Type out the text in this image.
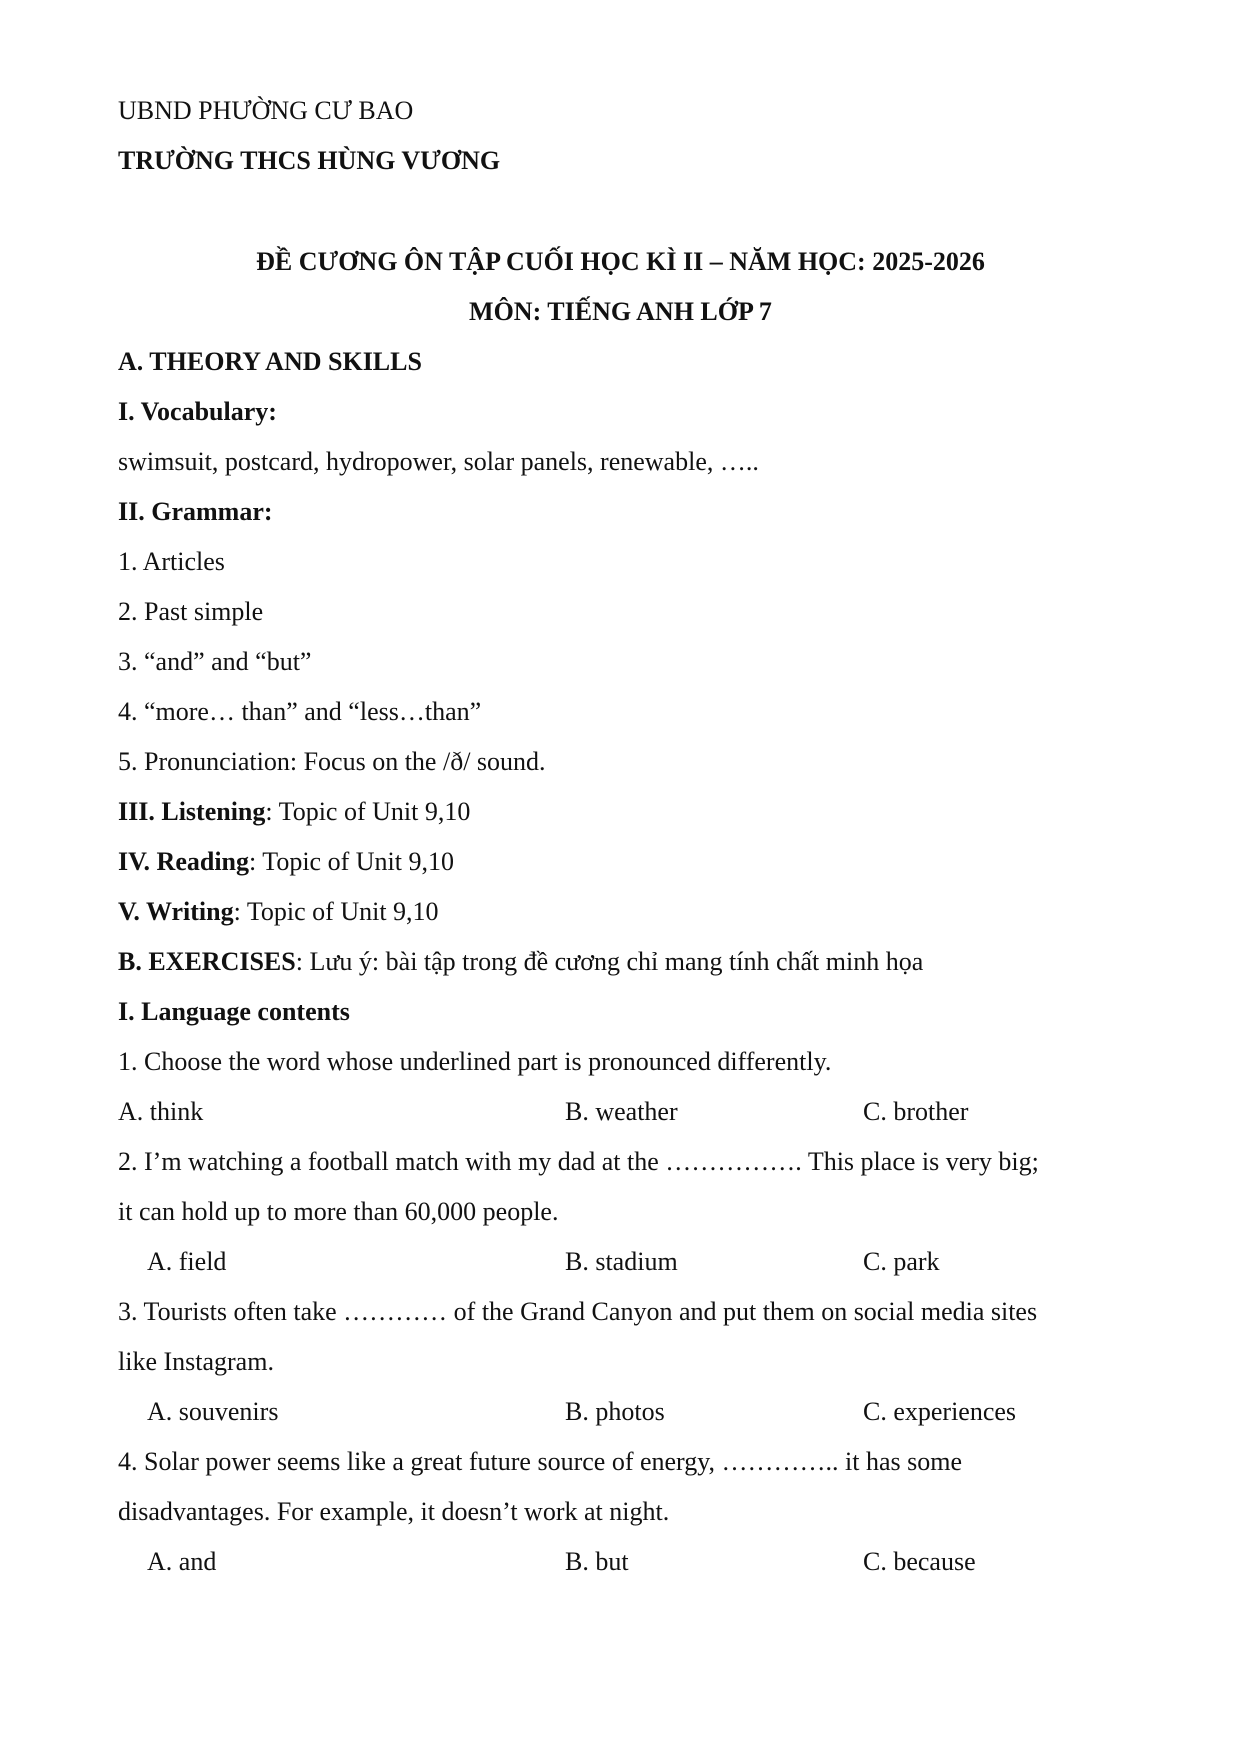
UBND PHƯỜNG CƯ BAO
TRƯỜNG THCS HÙNG VƯƠNG
ĐỀ CƯƠNG ÔN TẬP CUỐI HỌC KÌ II – NĂM HỌC: 2025-2026
MÔN: TIẾNG ANH LỚP 7
A. THEORY AND SKILLS
I. Vocabulary:
swimsuit, postcard, hydropower, solar panels, renewable, …..
II. Grammar:
1. Articles
2. Past simple
3. “and” and “but”
4. “more… than” and “less…than”
5. Pronunciation: Focus on the /ð/ sound.
III. Listening: Topic of Unit 9,10
IV. Reading: Topic of Unit 9,10
V. Writing: Topic of Unit 9,10
B. EXERCISES: Lưu ý: bài tập trong đề cương chỉ mang tính chất minh họa
I. Language contents
1. Choose the word whose underlined part is pronounced differently.
A. think	B. weather	C. brother
2. I’m watching a football match with my dad at the ……………. This place is very big;
it can hold up to more than 60,000 people.
A. field	B. stadium	C. park
3. Tourists often take ………… of the Grand Canyon and put them on social media sites
like Instagram.
A. souvenirs	B. photos	C. experiences
4. Solar power seems like a great future source of energy, ………….. it has some
disadvantages. For example, it doesn’t work at night.
A. and	B. but	C. because
